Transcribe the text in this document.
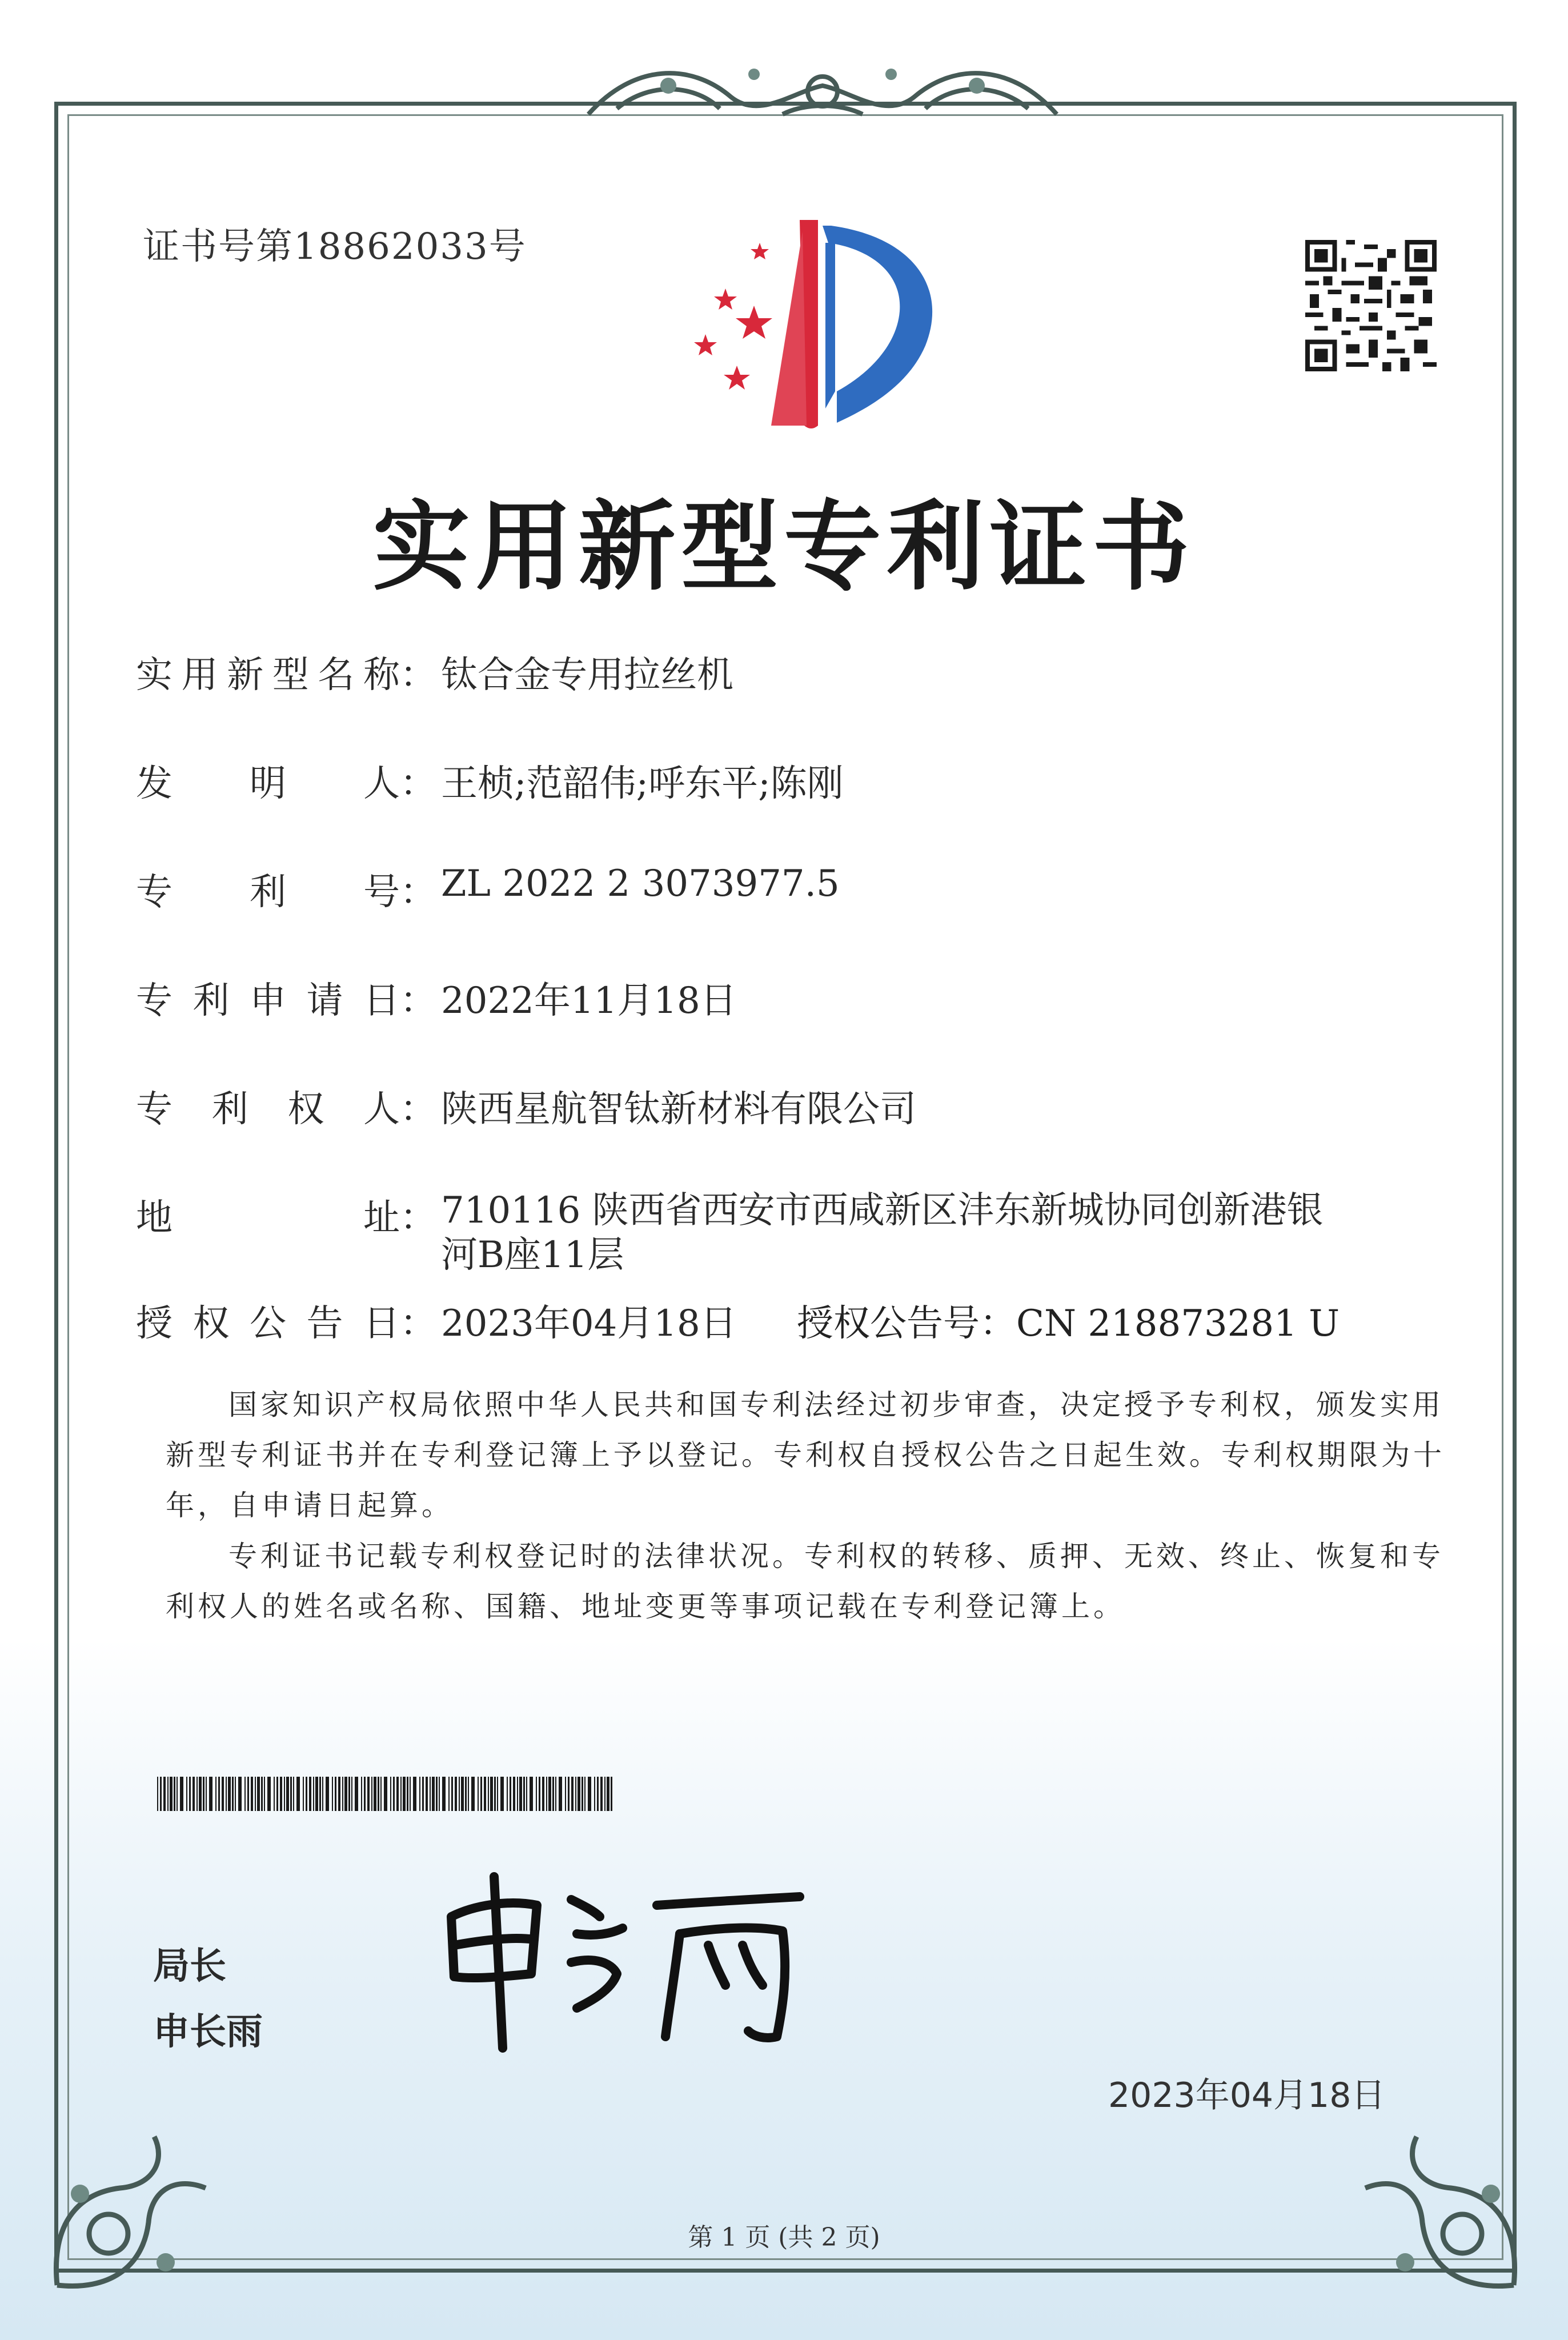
证书号第18862033号
实用新型专利证书
实用新型名称： 钛合金专用拉丝机
发明人： 王桢;范韶伟;呼东平;陈刚
专利号： ZL 2022 2 3073977.5
专利申请日： 2022年11月18日
专利权人： 陕西星航智钛新材料有限公司
地址： 710116 陕西省西安市西咸新区沣东新城协同创新港银河B座11层
授权公告日： 2023年04月18日 授权公告号：CN 218873281 U
国家知识产权局依照中华人民共和国专利法经过初步审查，决定授予专利权，颁发实用新型专利证书并在专利登记簿上予以登记。专利权自授权公告之日起生效。专利权期限为十年，自申请日起算。
专利证书记载专利权登记时的法律状况。专利权的转移、质押、无效、终止、恢复和专利权人的姓名或名称、国籍、地址变更等事项记载在专利登记簿上。
局长
申长雨
2023年04月18日
第 1 页 (共 2 页)
